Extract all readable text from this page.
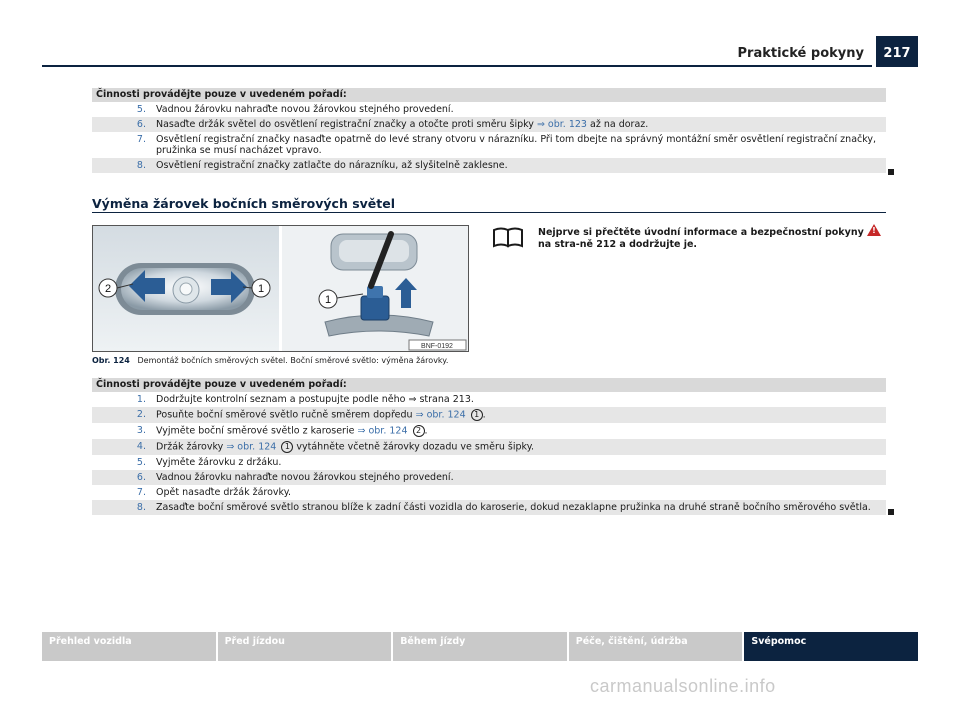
Praktické pokyny	217
Činnosti provádějte pouze v uvedeném pořadí:
5.	Vadnou žárovku nahraďte novou žárovkou stejného provedení.
6.	Nasaďte držák světel do osvětlení registrační značky a otočte proti směru šipky ⇒ obr. 123 až na doraz.
7.	Osvětlení registrační značky nasaďte opatrně do levé strany otvoru v nárazníku. Při tom dbejte na správný montážní směr osvětlení registrační značky, pružinka se musí nacházet vpravo.
8.	Osvětlení registrační značky zatlačte do nárazníku, až slyšitelně zaklesne.
Výměna žárovek bočních směrových světel
2	1
1
BNF-0192
Obr. 124 Demontáž bočních směrových světel. Boční směrové světlo: výměna žárovky.
Nejprve si přečtěte úvodní informace a bezpečnostní pokyny ! na stra-ně 212 a dodržujte je.
Činnosti provádějte pouze v uvedeném pořadí:
1.	Dodržujte kontrolní seznam a postupujte podle něho ⇒ strana 213.
2.	Posuňte boční směrové světlo ručně směrem dopředu ⇒ obr. 124 1 .
3.	Vyjměte boční směrové světlo z karoserie ⇒ obr. 124 2 .
4.	Držák žárovky ⇒ obr. 124 1 vytáhněte včetně žárovky dozadu ve směru šipky.
5.	Vyjměte žárovku z držáku.
6.	Vadnou žárovku nahraďte novou žárovkou stejného provedení.
7.	Opět nasaďte držák žárovky.
8.	Zasaďte boční směrové světlo stranou blíže k zadní části vozidla do karoserie, dokud nezaklapne pružinka na druhé straně bočního směrového světla.
Přehled vozidla	Před jízdou	Během jízdy	Péče, čištění, údržba	Svépomoc
carmanualsonline.info
